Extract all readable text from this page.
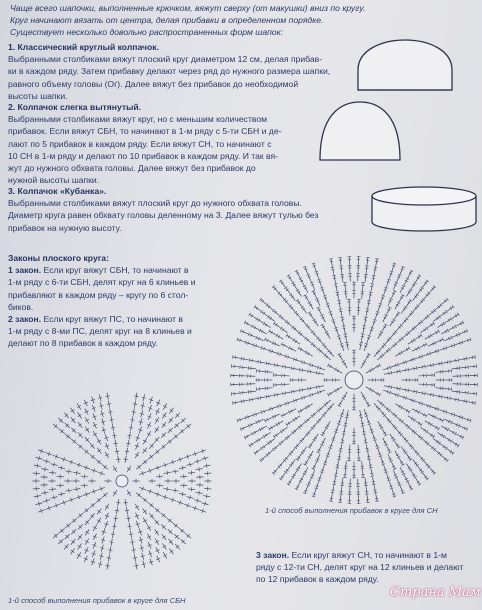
Чаще всего шапочки, выполненные крючком, вяжут сверху (от макушки) вниз по кругу.
Круг начинают вязать от центра, делая прибавки в определенном порядке.
Существует несколько довольно распространенных форм шапок:
1. Классический круглый колпачок.
Выбранными столбиками вяжут плоский круг диаметром 12 см, делая прибав-
ки в каждом ряду. Затем прибавку делают через ряд до нужного размера шапки,
равного объему головы (Ог). Далее вяжут без прибавок до необходимой
высоты шапки.
2. Колпачок слегка вытянутый.
Выбранными столбиками вяжут круг, но с меньшим количеством
прибавок. Если вяжут СБН, то начинают в 1-м ряду с 5-ти СБН и де-
лают по 5 прибавок в каждом ряду. Если вяжут СН, то начинают с
10 СН в 1-м ряду и делают по 10 прибавок в каждом ряду. И так вя-
жут до нужного обхвата головы. Далее вяжут без прибавок до
нужной высоты шапки.
3. Колпачок «Кубанка».
Выбранными столбиками вяжут плоский круг до нужного обхвата головы.
Диаметр круга равен обхвату головы деленному на 3. Далее вяжут тулью без
прибавок на нужную высоту.
Законы плоского круга:
1 закон. Если круг вяжут СБН, то начинают в
1-м ряду с 6-ти СБН, делят круг на 6 клиньев и
прибавляют в каждом ряду – кругу по 6 стол-
биков.
2 закон. Если круг вяжут ПС, то начинают в
1-м ряду с 8-ми ПС, делят круг на 8 клиньев и
делают по 8 прибавок в каждом ряду.
3 закон. Если круг вяжут СН, то начинают в 1-м
ряду с 12-ти СН, делят круг на 12 клиньев и делают
по 12 прибавок в каждом ряду.
1-й способ выполнения прибавок в круге для СН
1-й способ выполнения прибавок в круге для СБН
Страна Мам
